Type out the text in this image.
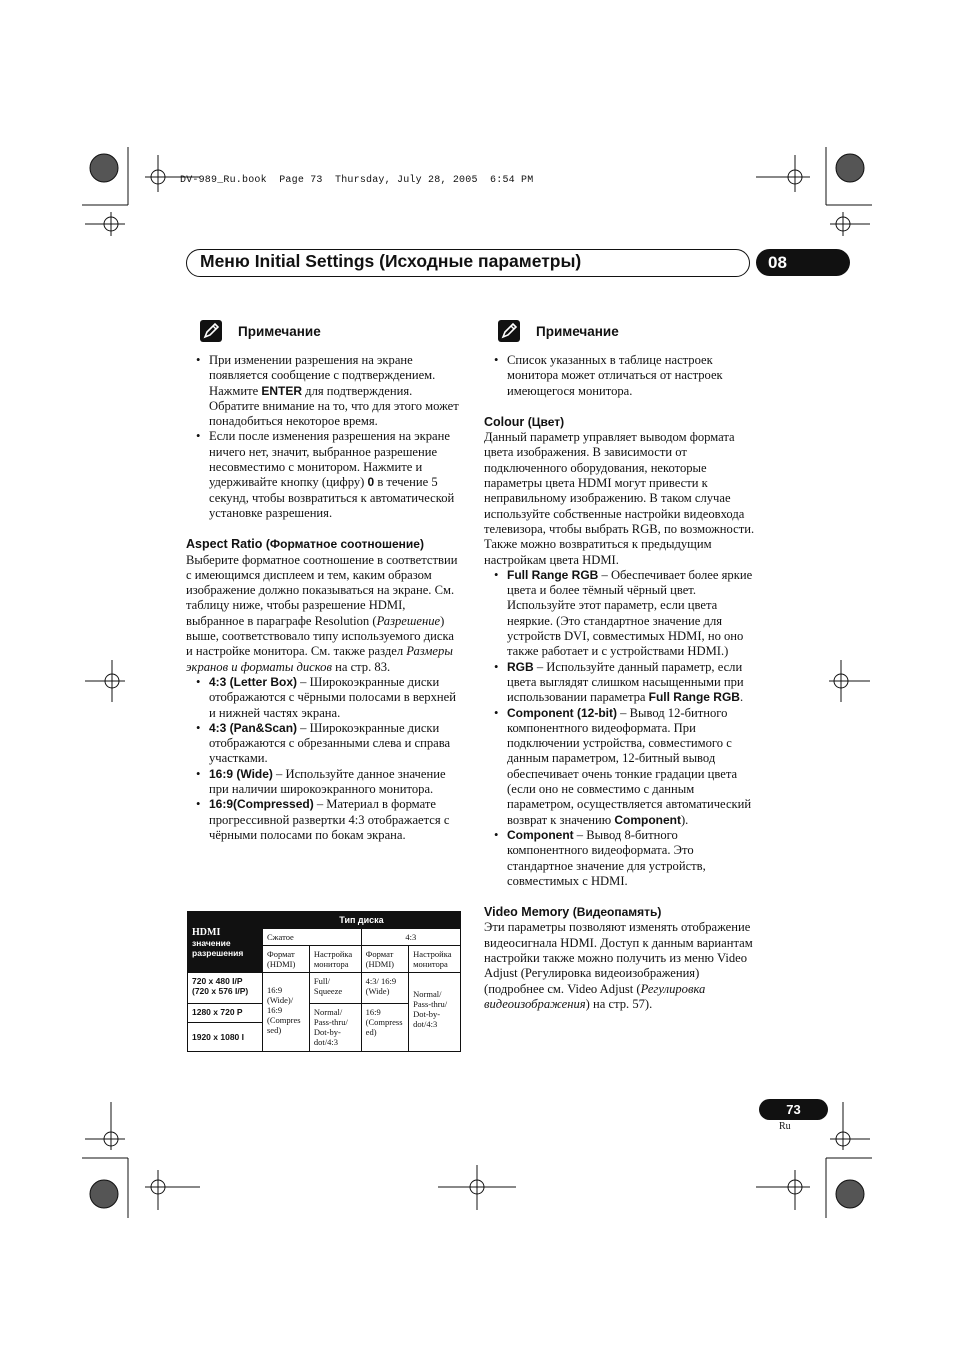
DV-989_Ru.book  Page 73  Thursday, July 28, 2005  6:54 PM
Меню Initial Settings (Исходные параметры)	08
Примечание
• При изменении разрешения на экране появляется сообщение с подтверждением. Нажмите ENTER для подтверждения. Обратите внимание на то, что для этого может понадобиться некоторое время.
• Если после изменения разрешения на экране ничего нет, значит, выбранное разрешение несовместимо с монитором. Нажмите и удерживайте кнопку (цифру) 0 в течение 5 секунд, чтобы возвратиться к автоматической установке разрешения.

Aspect Ratio (Форматное соотношение)

Выберите форматное соотношение в соответствии с имеющимся дисплеем и тем, каким образом изображение должно показываться на экране. См. таблицу ниже, чтобы разрешение HDMI, выбранное в параграфе Resolution (Разрешение) выше, соответствовало типу используемого диска и настройке монитора. См. также раздел Размеры экранов и форматы дисков на стр. 83.

• 4:3 (Letter Box) – Широкоэкранные диски отображаются с чёрными полосами в верхней и нижней частях экрана.
• 4:3 (Pan&Scan) – Широкоэкранные диски отображаются с обрезанными слева и справа участками.
• 16:9 (Wide) – Используйте данное значение при наличии широкоэкранного монитора.
• 16:9(Compressed) – Материал в формате прогрессивной развертки 4:3 отображается с чёрными полосами по бокам экрана.
HDMI
значение разрешения	Тип диска			
	Сжатое		4:3	
	Формат (HDMI)	Настройка монитора	Формат (HDMI)	Настройка монитора
720 x 480 I/P (720 x 576 I/P)	16:9 (Wide)/ 16:9 (Compres sed)	Full/ Squeeze	4:3/ 16:9 (Wide)	Normal/ Pass-thru/ Dot-by- dot/4:3
1280 x 720 P		Normal/ Pass-thru/ Dot-by- dot/4:3	16:9 (Compress ed)	
1920 x 1080 I				
Примечание
• Список указанных в таблице настроек монитора может отличаться от настроек имеющегося монитора.

Colour (Цвет)

Данный параметр управляет выводом формата цвета изображения. В зависимости от подключенного оборудования, некоторые параметры цвета HDMI могут привести к неправильному изображению. В таком случае используйте собственные настройки видеовхода телевизора, чтобы выбрать RGB, по возможности. Также можно возвратиться к предыдущим настройкам цвета HDMI.

• Full Range RGB – Обеспечивает более яркие цвета и более тёмный чёрный цвет. Используйте этот параметр, если цвета неяркие. (Это стандартное значение для устройств DVI, совместимых HDMI, но оно также работает и с устройствами HDMI.)
• RGB – Используйте данный параметр, если цвета выглядят слишком насыщенными при использовании параметра Full Range RGB.
• Component (12-bit) – Вывод 12-битного компонентного видеоформата. При подключении устройства, совместимого с данным параметром, 12-битный вывод обеспечивает очень тонкие градации цвета (если оно не совместимо с данным параметром, осуществляется автоматический возврат к значению Component).
• Component – Вывод 8-битного компонентного видеоформата. Это стандартное значение для устройств, совместимых с HDMI.

Video Memory (Видеопамять)

Эти параметры позволяют изменять отображение видеосигнала HDMI. Доступ к данным вариантам настройки также можно получить из меню Video Adjust (Регулировка видеоизображения) (подробнее см. Video Adjust (Регулировка видеоизображения) на стр. 57).

73
Ru
